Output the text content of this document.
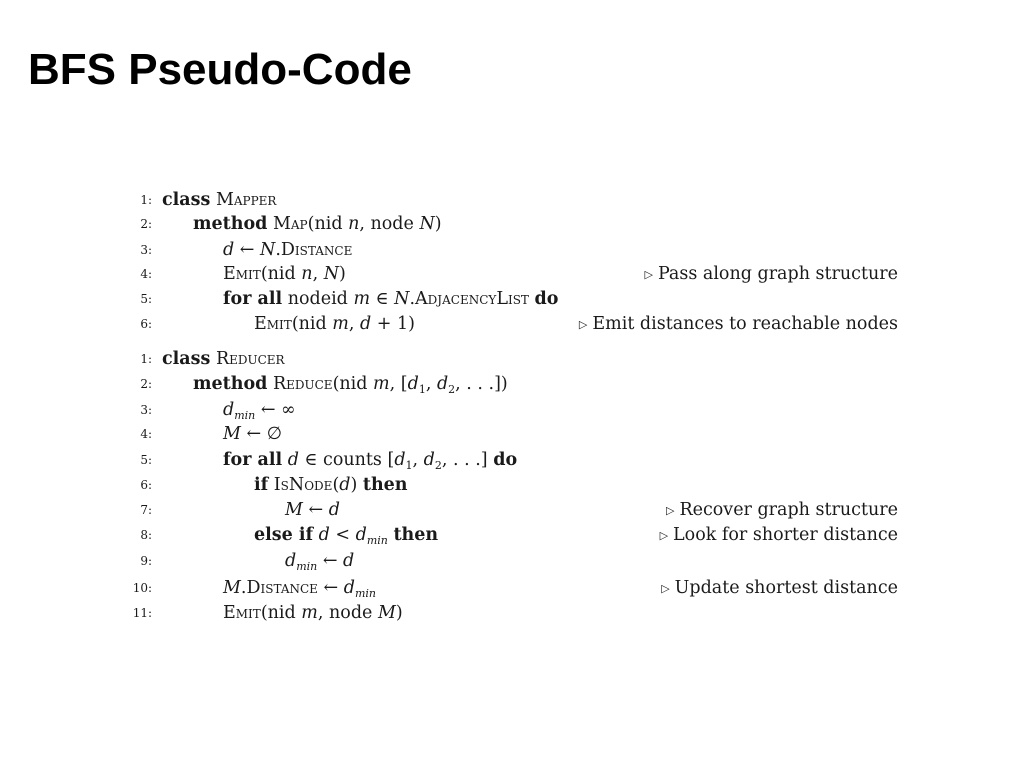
BFS Pseudo-Code
1: class Mapper
2: method Map(nid n, node N)
3:	d ← N.Distance
4:	Emit(nid n, N)	▷ Pass along graph structure
5:	for all nodeid m ∈ N.AdjacencyList do
6:	Emit(nid m, d + 1)	▷ Emit distances to reachable nodes
1: class Reducer
2: method Reduce(nid m, [$d_1$, $d_2$, . . .])
3:	$d_{min}$ ← ∞
4:	M ← ∅
5:	for all d ∈ counts [$d_1$, $d_2$, . . .] do
6:	if IsNode(d) then
7:	M ← d	▷ Recover graph structure
8:	else if $d < d_{min}$ then	▷ Look for shorter distance
9:	$d_{min}$ ← d
10:	M.Distance ← $d_{min}$	▷ Update shortest distance
11:	Emit(nid m, node M)
